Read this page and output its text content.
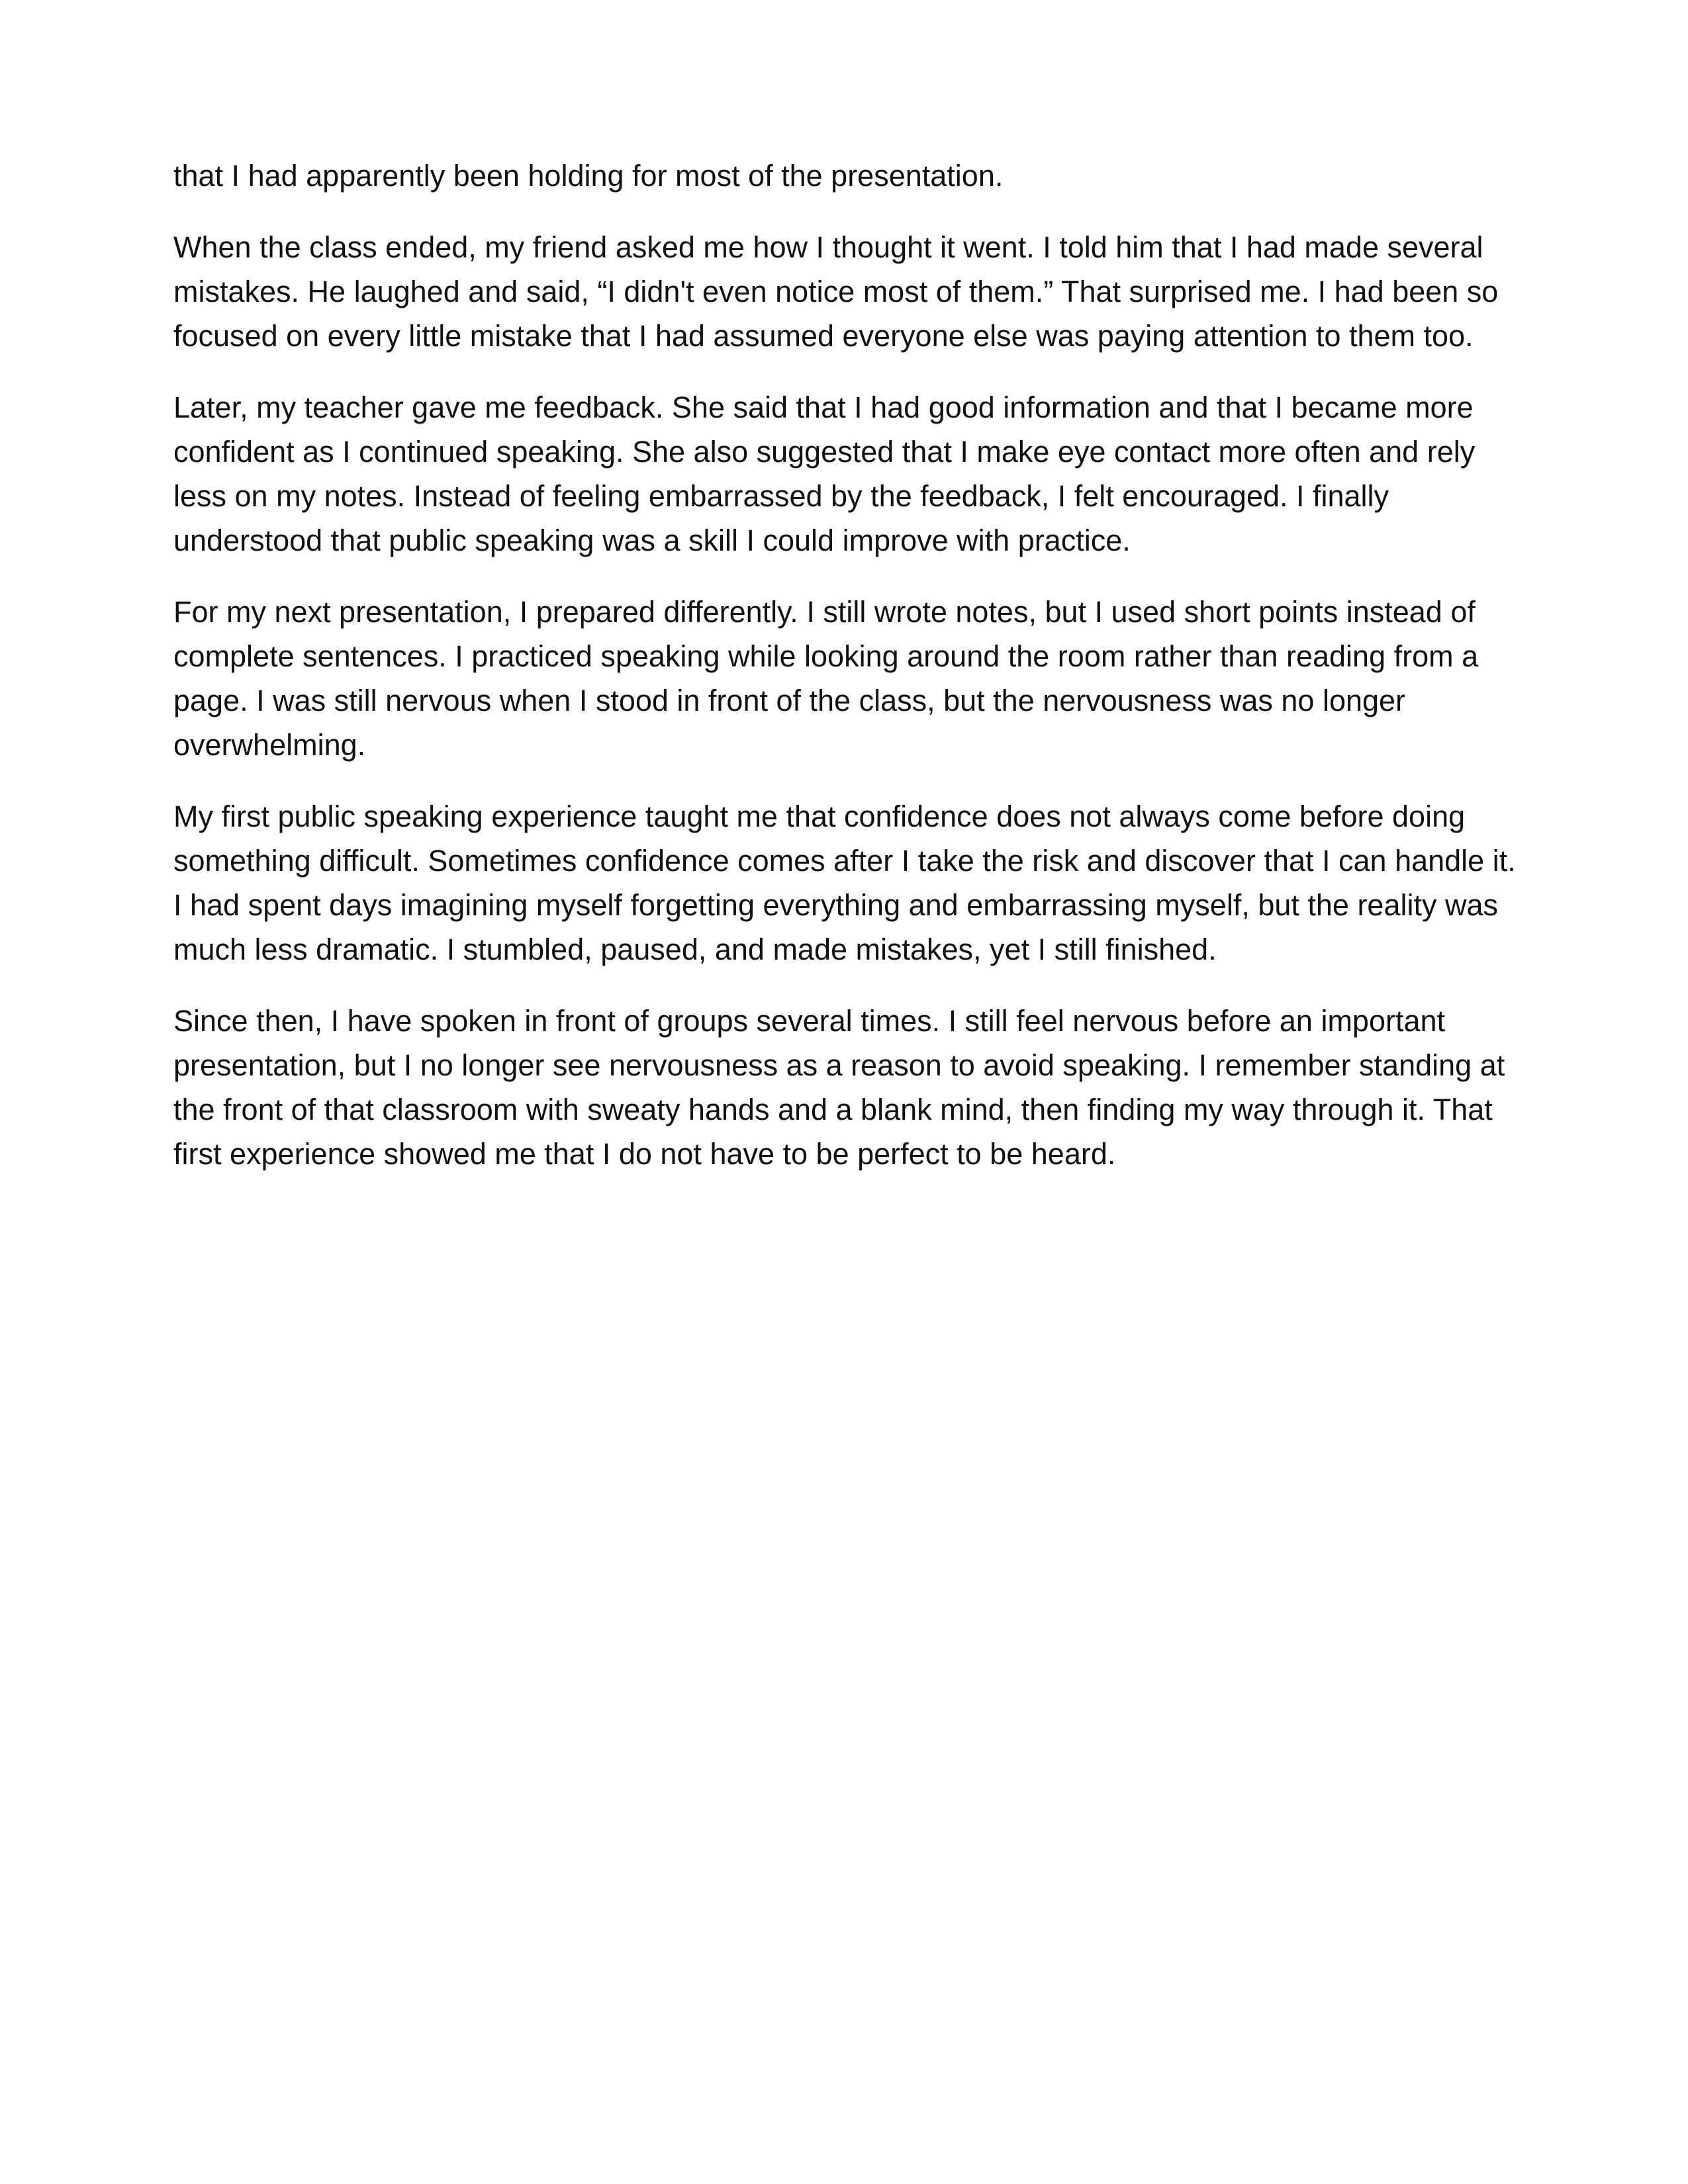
that I had apparently been holding for most of the presentation.

When the class ended, my friend asked me how I thought it went. I told him that I had made several mistakes. He laughed and said, “I didn't even notice most of them.” That surprised me. I had been so focused on every little mistake that I had assumed everyone else was paying attention to them too.

Later, my teacher gave me feedback. She said that I had good information and that I became more confident as I continued speaking. She also suggested that I make eye contact more often and rely less on my notes. Instead of feeling embarrassed by the feedback, I felt encouraged. I finally understood that public speaking was a skill I could improve with practice.

For my next presentation, I prepared differently. I still wrote notes, but I used short points instead of complete sentences. I practiced speaking while looking around the room rather than reading from a page. I was still nervous when I stood in front of the class, but the nervousness was no longer overwhelming.

My first public speaking experience taught me that confidence does not always come before doing something difficult. Sometimes confidence comes after I take the risk and discover that I can handle it. I had spent days imagining myself forgetting everything and embarrassing myself, but the reality was much less dramatic. I stumbled, paused, and made mistakes, yet I still finished.

Since then, I have spoken in front of groups several times. I still feel nervous before an important presentation, but I no longer see nervousness as a reason to avoid speaking. I remember standing at the front of that classroom with sweaty hands and a blank mind, then finding my way through it. That first experience showed me that I do not have to be perfect to be heard.
